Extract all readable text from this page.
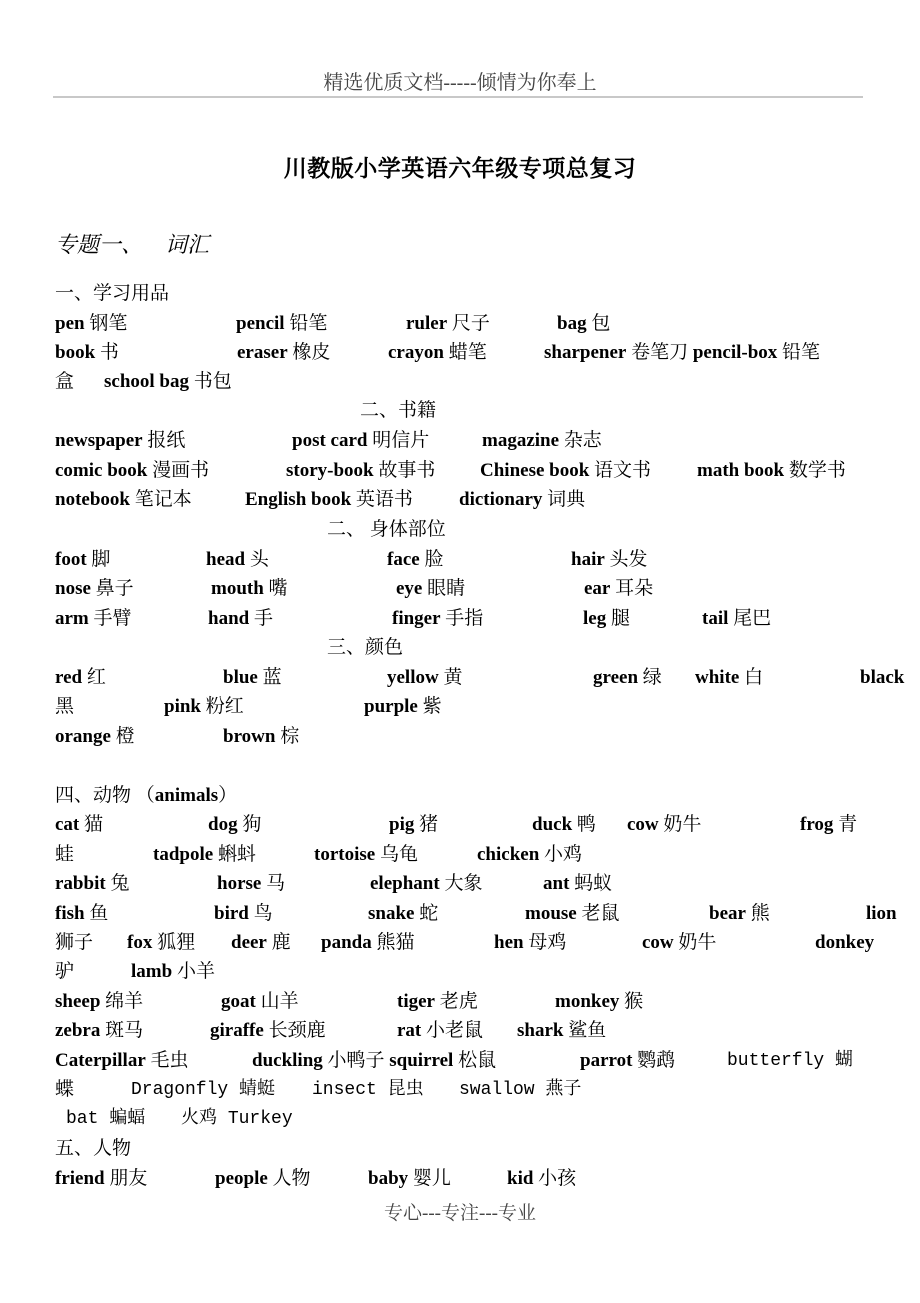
精选优质文档-----倾情为你奉上
川教版小学英语六年级专项总复习
专题一、 词汇
一、学习用品
pen 钢笔	pencil 铅笔	ruler 尺子	bag 包
book 书	eraser 橡皮	crayon 蜡笔	sharpener 卷笔刀 pencil-box 铅笔
盒 school bag 书包
二、书籍
newspaper 报纸	post card 明信片	magazine 杂志
comic book 漫画书	story-book 故事书 Chinese book 语文书 math book 数学书
notebook 笔记本	English book 英语书 dictionary 词典
二、 身体部位
foot 脚	head 头	face 脸	hair 头发
nose 鼻子	mouth 嘴	eye 眼睛	ear 耳朵
arm 手臂	hand 手	finger 手指	leg 腿	tail 尾巴
三、颜色
red 红	blue 蓝	yellow 黄	green 绿 white 白	black
黑	pink 粉红	purple 紫
orange 橙	brown 棕
四、动物 （animals）
cat 猫	dog 狗	pig 猪	duck 鸭 cow 奶牛	frog 青
蛙	tadpole 蝌蚪	tortoise 乌龟	chicken 小鸡
rabbit 兔	horse 马	elephant 大象	ant 蚂蚁
fish 鱼	bird 鸟	snake 蛇	mouse 老鼠	bear 熊	lion
狮子 fox 狐狸 deer 鹿 panda 熊猫	hen 母鸡	cow 奶牛	donkey
驴	lamb 小羊
sheep 绵羊	goat 山羊	tiger 老虎	monkey 猴
zebra 斑马	giraffe 长颈鹿	rat 小老鼠 shark 鲨鱼
Caterpillar 毛虫	duckling 小鸭子 squirrel 松鼠	parrot 鹦鹉	butterfly 蝴
蝶	Dragonfly 蜻蜓 insect 昆虫 swallow 燕子
bat 蝙蝠 火鸡 Turkey
五、人物
friend 朋友	people 人物	baby 婴儿	kid 小孩
专心---专注---专业
